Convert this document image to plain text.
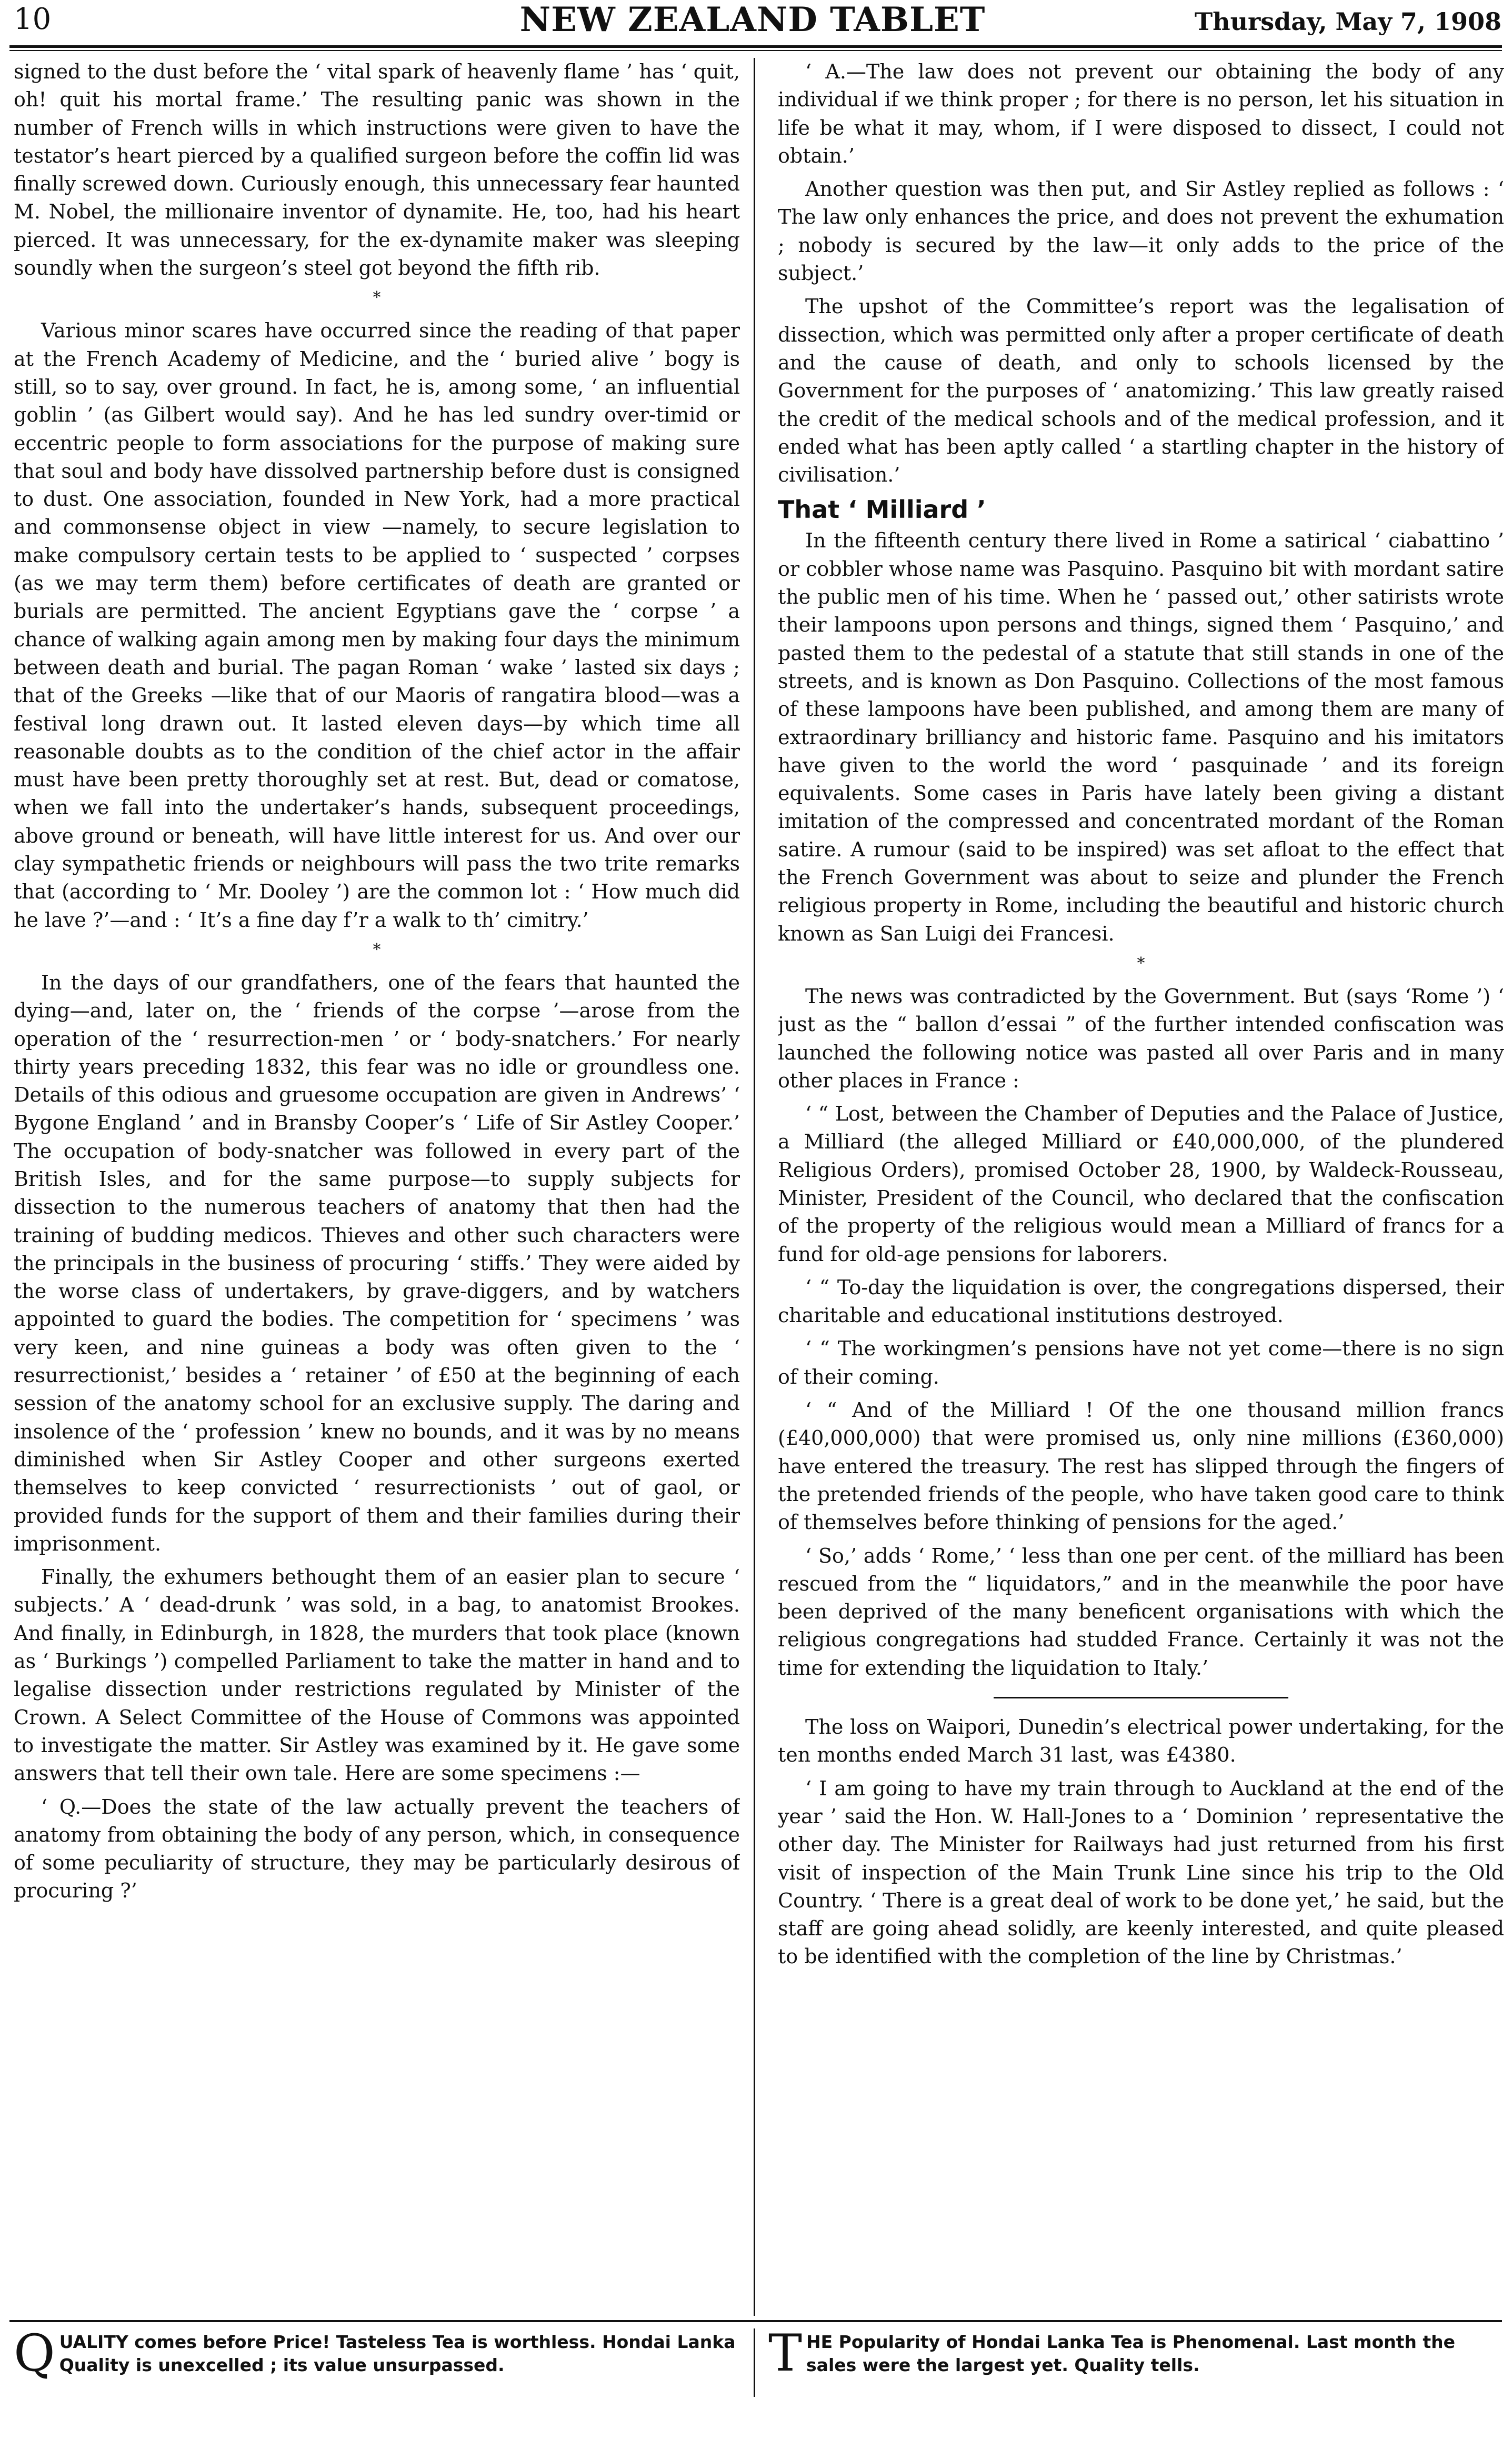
10	NEW ZEALAND TABLET	Thursday, May 7, 1908

signed to the dust before the ‘ vital spark of heavenly flame ’ has ‘ quit, oh! quit his mortal frame.’ The resulting panic was shown in the number of French wills in which instructions were given to have the testator’s heart pierced by a qualified surgeon before the coffin lid was finally screwed down. Curiously enough, this unnecessary fear haunted M. Nobel, the millionaire inventor of dynamite. He, too, had his heart pierced. It was unnecessary, for the ex-dynamite maker was sleeping soundly when the surgeon’s steel got beyond the fifth rib.

*

Various minor scares have occurred since the reading of that paper at the French Academy of Medicine, and the ‘ buried alive ’ bogy is still, so to say, over ground. In fact, he is, among some, ‘ an influential goblin ’ (as Gilbert would say). And he has led sundry over-timid or eccentric people to form associations for the purpose of making sure that soul and body have dissolved partnership before dust is consigned to dust. One association, founded in New York, had a more practical and commonsense object in view —namely, to secure legislation to make compulsory certain tests to be applied to ‘ suspected ’ corpses (as we may term them) before certificates of death are granted or burials are permitted. The ancient Egyptians gave the ‘ corpse ’ a chance of walking again among men by making four days the minimum between death and burial. The pagan Roman ‘ wake ’ lasted six days ; that of the Greeks —like that of our Maoris of rangatira blood—was a festival long drawn out. It lasted eleven days—by which time all reasonable doubts as to the condition of the chief actor in the affair must have been pretty thoroughly set at rest. But, dead or comatose, when we fall into the undertaker’s hands, subsequent proceedings, above ground or beneath, will have little interest for us. And over our clay sympathetic friends or neighbours will pass the two trite remarks that (according to ‘ Mr. Dooley ’) are the common lot : ‘ How much did he lave ?’—and : ‘ It’s a fine day f’r a walk to th’ cimitry.’

*

In the days of our grandfathers, one of the fears that haunted the dying—and, later on, the ‘ friends of the corpse ’—arose from the operation of the ‘ resurrection-men ’ or ‘ body-snatchers.’ For nearly thirty years preceding 1832, this fear was no idle or groundless one. Details of this odious and gruesome occupation are given in Andrews’ ‘ Bygone England ’ and in Bransby Cooper’s ‘ Life of Sir Astley Cooper.’ The occupation of body-snatcher was followed in every part of the British Isles, and for the same purpose—to supply subjects for dissection to the numerous teachers of anatomy that then had the training of budding medicos. Thieves and other such characters were the principals in the business of procuring ‘ stiffs.’ They were aided by the worse class of undertakers, by grave-diggers, and by watchers appointed to guard the bodies. The competition for ‘ specimens ’ was very keen, and nine guineas a body was often given to the ‘ resurrectionist,’ besides a ‘ retainer ’ of £50 at the beginning of each session of the anatomy school for an exclusive supply. The daring and insolence of the ‘ profession ’ knew no bounds, and it was by no means diminished when Sir Astley Cooper and other surgeons exerted themselves to keep convicted ‘ resurrectionists ’ out of gaol, or provided funds for the support of them and their families during their imprisonment.

Finally, the exhumers bethought them of an easier plan to secure ‘ subjects.’ A ‘ dead-drunk ’ was sold, in a bag, to anatomist Brookes. And finally, in Edinburgh, in 1828, the murders that took place (known as ‘ Burkings ’) compelled Parliament to take the matter in hand and to legalise dissection under restrictions regulated by Minister of the Crown. A Select Committee of the House of Commons was appointed to investigate the matter. Sir Astley was examined by it. He gave some answers that tell their own tale. Here are some specimens :—

‘ Q.—Does the state of the law actually prevent the teachers of anatomy from obtaining the body of any person, which, in consequence of some peculiarity of structure, they may be particularly desirous of procuring ?’

‘ A.—The law does not prevent our obtaining the body of any individual if we think proper ; for there is no person, let his situation in life be what it may, whom, if I were disposed to dissect, I could not obtain.’

Another question was then put, and Sir Astley replied as follows : ‘ The law only enhances the price, and does not prevent the exhumation ; nobody is secured by the law—it only adds to the price of the subject.’

The upshot of the Committee’s report was the legalisation of dissection, which was permitted only after a proper certificate of death and the cause of death, and only to schools licensed by the Government for the purposes of ‘ anatomizing.’ This law greatly raised the credit of the medical schools and of the medical profession, and it ended what has been aptly called ‘ a startling chapter in the history of civilisation.’

That ‘ Milliard ’

In the fifteenth century there lived in Rome a satirical ‘ ciabattino ’ or cobbler whose name was Pasquino. Pasquino bit with mordant satire the public men of his time. When he ‘ passed out,’ other satirists wrote their lampoons upon persons and things, signed them ‘ Pasquino,’ and pasted them to the pedestal of a statute that still stands in one of the streets, and is known as Don Pasquino. Collections of the most famous of these lampoons have been published, and among them are many of extraordinary brilliancy and historic fame. Pasquino and his imitators have given to the world the word ‘ pasquinade ’ and its foreign equivalents. Some cases in Paris have lately been giving a distant imitation of the compressed and concentrated mordant of the Roman satire. A rumour (said to be inspired) was set afloat to the effect that the French Government was about to seize and plunder the French religious property in Rome, including the beautiful and historic church known as San Luigi dei Francesi.

*

The news was contradicted by the Government. But (says ‘Rome ’) ‘ just as the “ ballon d’essai ” of the further intended confiscation was launched the following notice was pasted all over Paris and in many other places in France :

‘ “ Lost, between the Chamber of Deputies and the Palace of Justice, a Milliard (the alleged Milliard or £40,000,000, of the plundered Religious Orders), promised October 28, 1900, by Waldeck-Rousseau, Minister, President of the Council, who declared that the confiscation of the property of the religious would mean a Milliard of francs for a fund for old-age pensions for laborers.

‘ “ To-day the liquidation is over, the congregations dispersed, their charitable and educational institutions destroyed.

‘ “ The workingmen’s pensions have not yet come—there is no sign of their coming.

‘ “ And of the Milliard ! Of the one thousand million francs (£40,000,000) that were promised us, only nine millions (£360,000) have entered the treasury. The rest has slipped through the fingers of the pretended friends of the people, who have taken good care to think of themselves before thinking of pensions for the aged.’

‘ So,’ adds ‘ Rome,’ ‘ less than one per cent. of the milliard has been rescued from the “ liquidators,” and in the meanwhile the poor have been deprived of the many beneficent organisations with which the religious congregations had studded France. Certainly it was not the time for extending the liquidation to Italy.’

The loss on Waipori, Dunedin’s electrical power undertaking, for the ten months ended March 31 last, was £4380.

‘ I am going to have my train through to Auckland at the end of the year ’ said the Hon. W. Hall-Jones to a ‘ Dominion ’ representative the other day. The Minister for Railways had just returned from his first visit of inspection of the Main Trunk Line since his trip to the Old Country. ‘ There is a great deal of work to be done yet,’ he said, but the staff are going ahead solidly, are keenly interested, and quite pleased to be identified with the completion of the line by Christmas.’

Q UALITY comes before Price! Tasteless Tea is worthless. Hondai Lanka Quality is unexcelled ; its value unsurpassed.	T HE Popularity of Hondai Lanka Tea is Phenomenal. Last month the sales were the largest yet. Quality tells.
